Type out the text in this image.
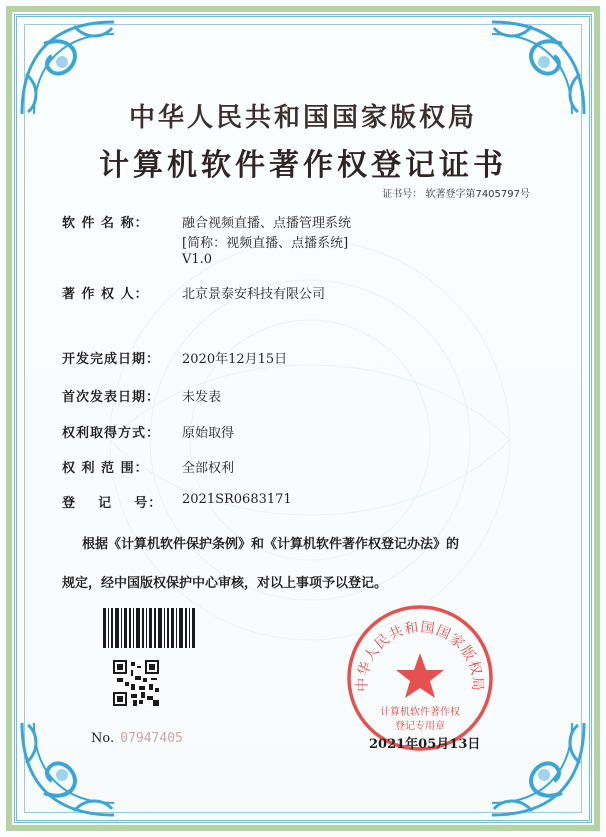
中华人民共和国国家版权局
计算机软件著作权登记证书
证书号： 软著登字第7405797号
软 件 名 称：	融合视频直播、点播管理系统
[简称：视频直播、点播系统]
V1.0
著 作 权 人：	北京景泰安科技有限公司
开发完成日期：	2020年12月15日
首次发表日期：	未发表
权利取得方式：	原始取得
权 利 范 围：	全部权利
登    记    号：	2021SR0683171
根据《计算机软件保护条例》和《计算机软件著作权登记办法》的
规定，经中国版权保护中心审核，对以上事项予以登记。
No. 07947405
中华人民共和国国家版权局
计算机软件著作权
登记专用章
2021年05月13日
